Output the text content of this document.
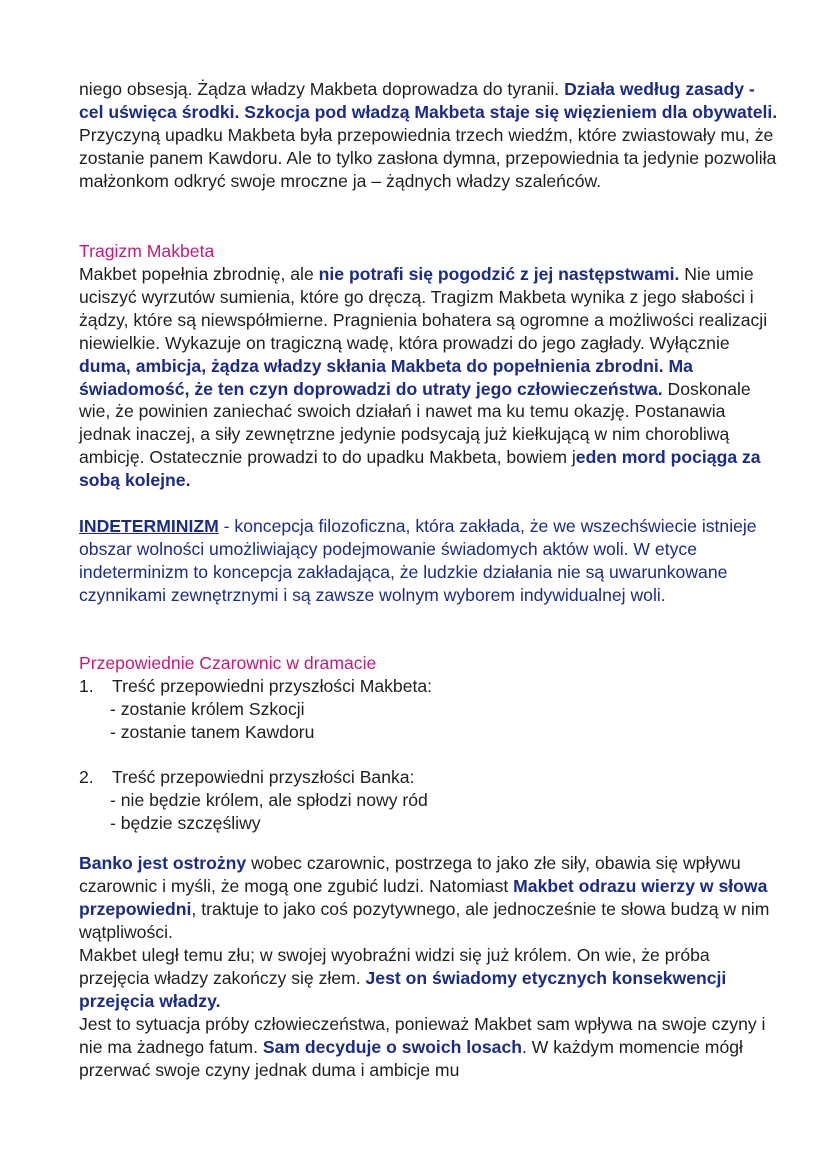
niego obsesją. Żądza władzy Makbeta doprowadza do tyranii. Działa według zasady - cel uświęca środki. Szkocja pod władzą Makbeta staje się więzieniem dla obywateli. Przyczyną upadku Makbeta była przepowiednia trzech wiedźm, które zwiastowały mu, że zostanie panem Kawdoru. Ale to tylko zasłona dymna, przepowiednia ta jedynie pozwoliła małżonkom odkryć swoje mroczne ja – żądnych władzy szaleńców.

Tragizm Makbeta

Makbet popełnia zbrodnię, ale nie potrafi się pogodzić z jej następstwami. Nie umie uciszyć wyrzutów sumienia, które go dręczą. Tragizm Makbeta wynika z jego słabości i żądzy, które są niewspółmierne. Pragnienia bohatera są ogromne a możliwości realizacji niewielkie. Wykazuje on tragiczną wadę, która prowadzi do jego zagłady. Wyłącznie duma, ambicja, żądza władzy skłania Makbeta do popełnienia zbrodni. Ma świadomość, że ten czyn doprowadzi do utraty jego człowieczeństwa. Doskonale wie, że powinien zaniechać swoich działań i nawet ma ku temu okazję. Postanawia jednak inaczej, a siły zewnętrzne jedynie podsycają już kiełkującą w nim chorobliwą ambicję. Ostatecznie prowadzi to do upadku Makbeta, bowiem jeden mord pociąga za sobą kolejne.

INDETERMINIZM - koncepcja filozoficzna, która zakłada, że we wszechświecie istnieje obszar wolności umożliwiający podejmowanie świadomych aktów woli. W etyce indeterminizm to koncepcja zakładająca, że ludzkie działania nie są uwarunkowane czynnikami zewnętrznymi i są zawsze wolnym wyborem indywidualnej woli.

Przepowiednie Czarownic w dramacie

1. Treść przepowiedni przyszłości Makbeta:

- zostanie królem Szkocji

- zostanie tanem Kawdoru

2. Treść przepowiedni przyszłości Banka:

- nie będzie królem, ale spłodzi nowy ród

- będzie szczęśliwy

Banko jest ostrożny wobec czarownic, postrzega to jako złe siły, obawia się wpływu czarownic i myśli, że mogą one zgubić ludzi. Natomiast Makbet odrazu wierzy w słowa przepowiedni, traktuje to jako coś pozytywnego, ale jednocześnie te słowa budzą w nim wątpliwości.

Makbet uległ temu złu; w swojej wyobraźni widzi się już królem. On wie, że próba przejęcia władzy zakończy się złem. Jest on świadomy etycznych konsekwencji przejęcia władzy.

Jest to sytuacja próby człowieczeństwa, ponieważ Makbet sam wpływa na swoje czyny i nie ma żadnego fatum. Sam decyduje o swoich losach. W każdym momencie mógł przerwać swoje czyny jednak duma i ambicje mu
